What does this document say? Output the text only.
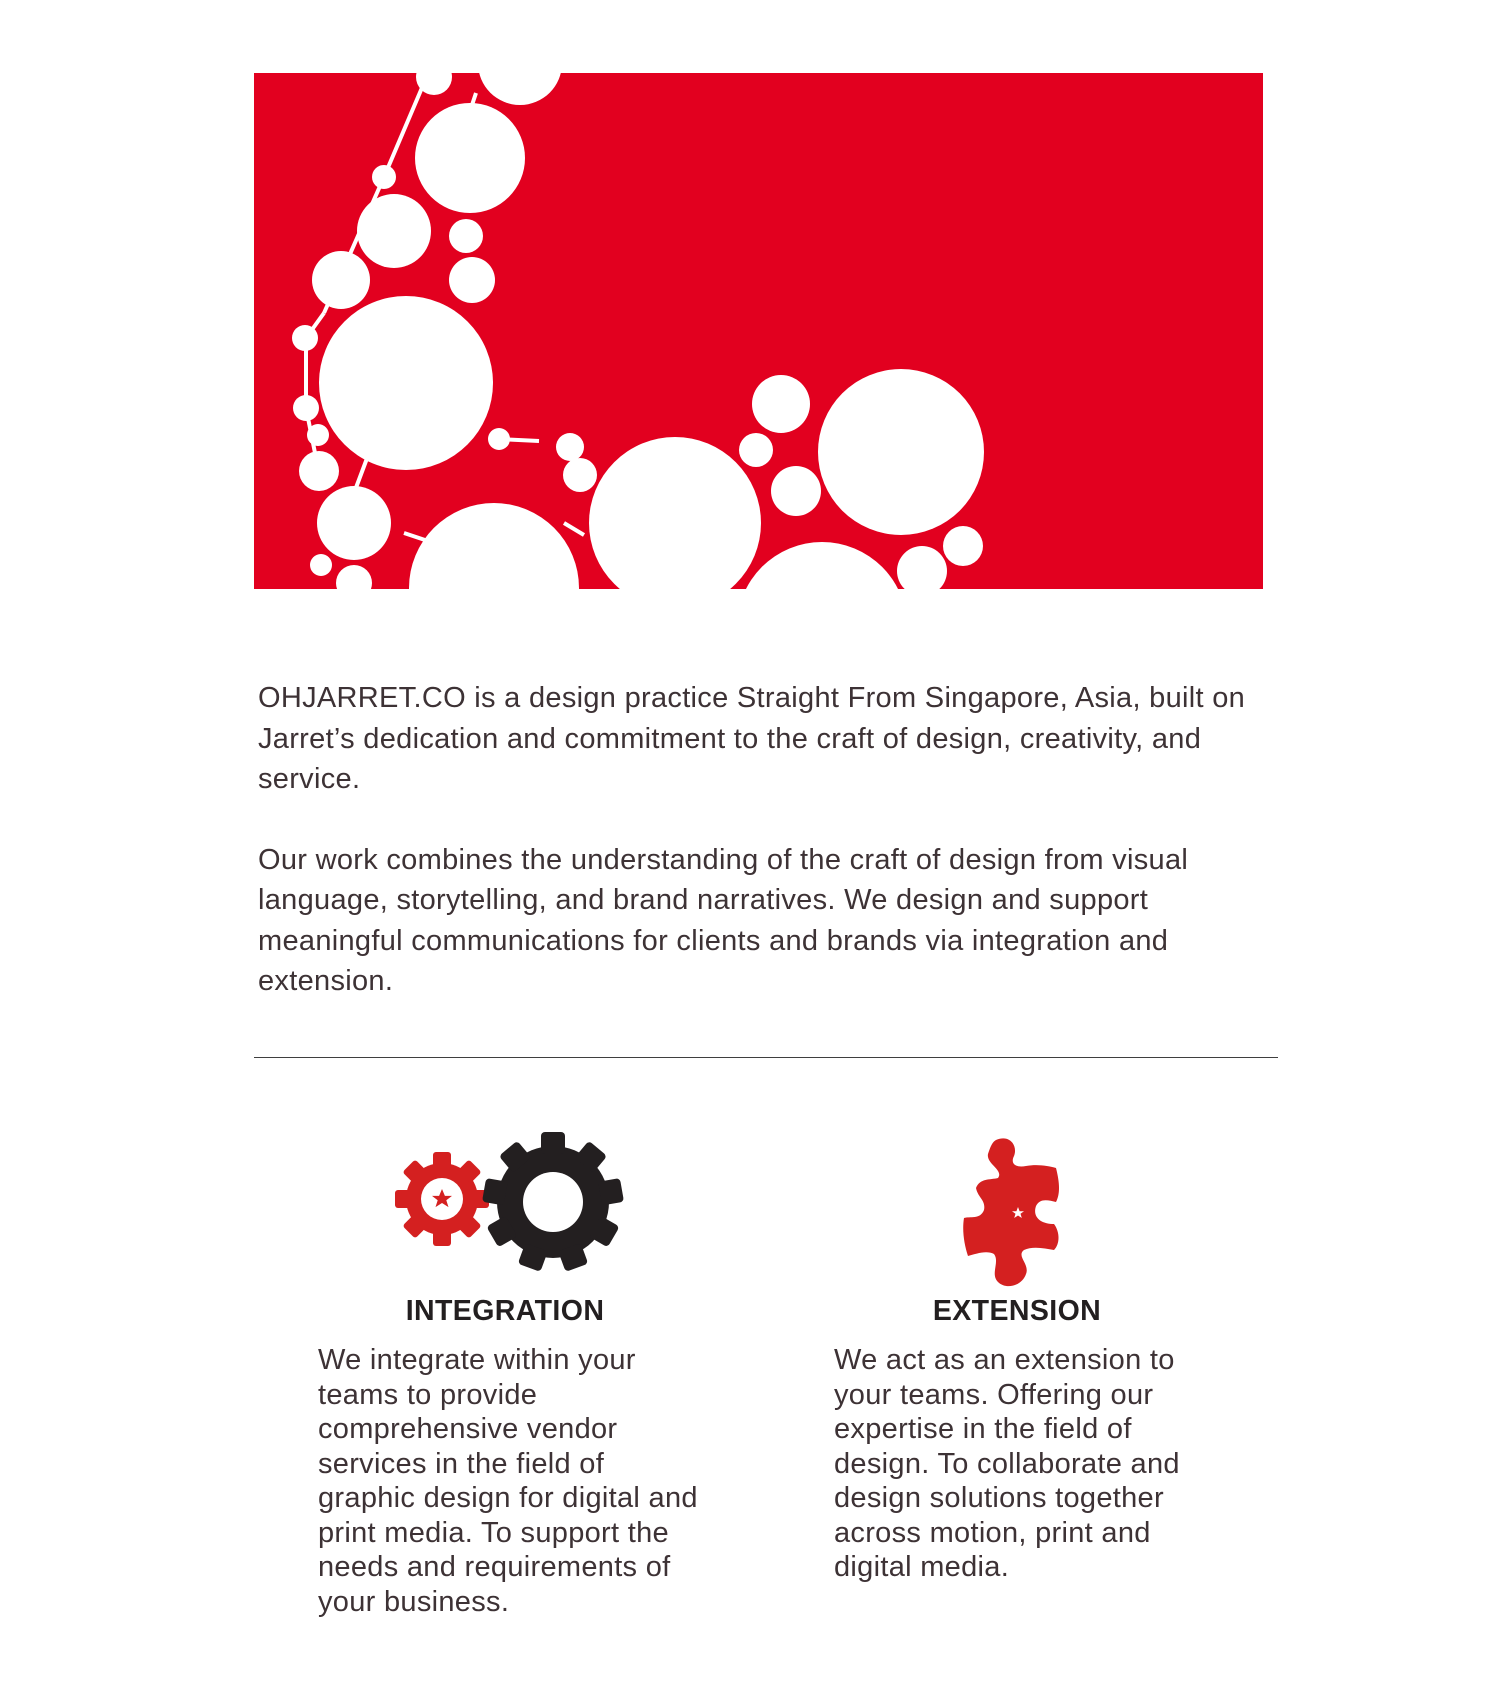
OHJARRET.CO is a design practice Straight From Singapore, Asia, built on Jarret’s dedication and commitment to the craft of design, creativity, and service.

Our work combines the understanding of the craft of design from visual language, storytelling, and brand narratives. We design and support meaningful communications for clients and brands via integration and extension.

INTEGRATION	EXTENSION
We integrate within your teams to provide comprehensive vendor services in the field of graphic design for digital and print media. To support the needs and requirements of your business.
We act as an extension to your teams. Offering our expertise in the field of design. To collaborate and design solutions together across motion, print and digital media.
